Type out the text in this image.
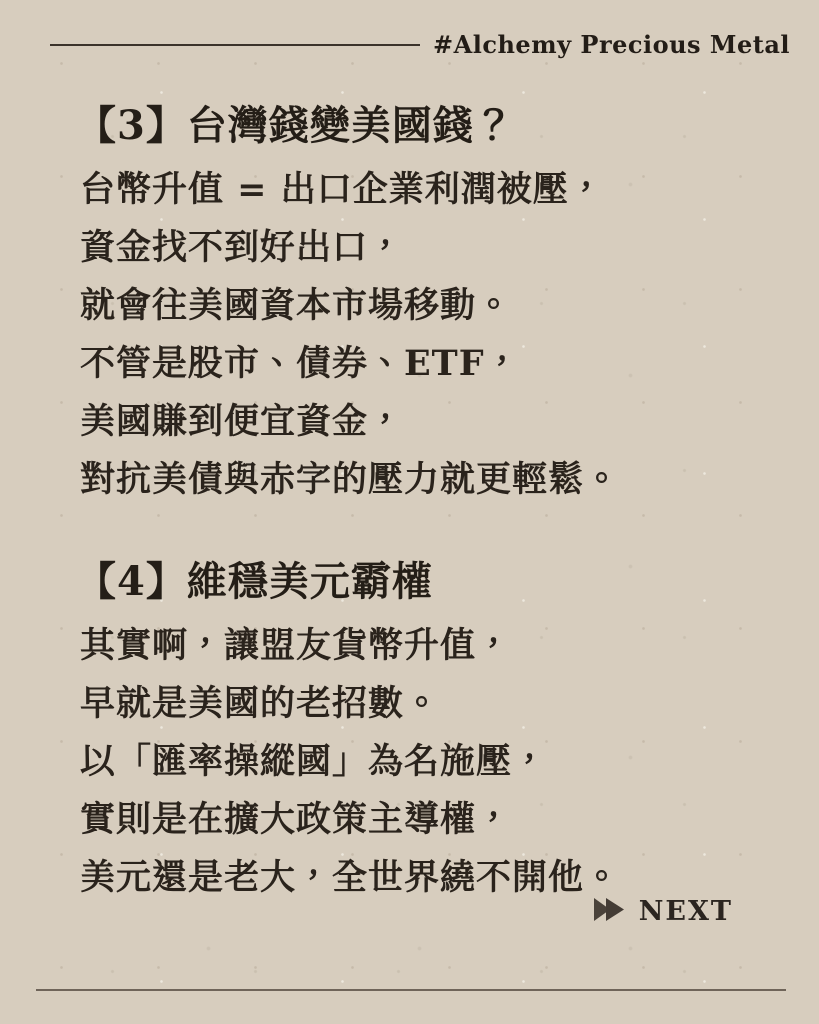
#Alchemy Precious Metal
【3】台灣錢變美國錢？

台幣升值 = 出口企業利潤被壓，

資金找不到好出口，

就會往美國資本市場移動。

不管是股市、債券、ETF，

美國賺到便宜資金，

對抗美債與赤字的壓力就更輕鬆。

【4】維穩美元霸權

其實啊，讓盟友貨幣升值，

早就是美國的老招數。

以「匯率操縱國」為名施壓，

實則是在擴大政策主導權，

美元還是老大，全世界繞不開他。

NEXT
